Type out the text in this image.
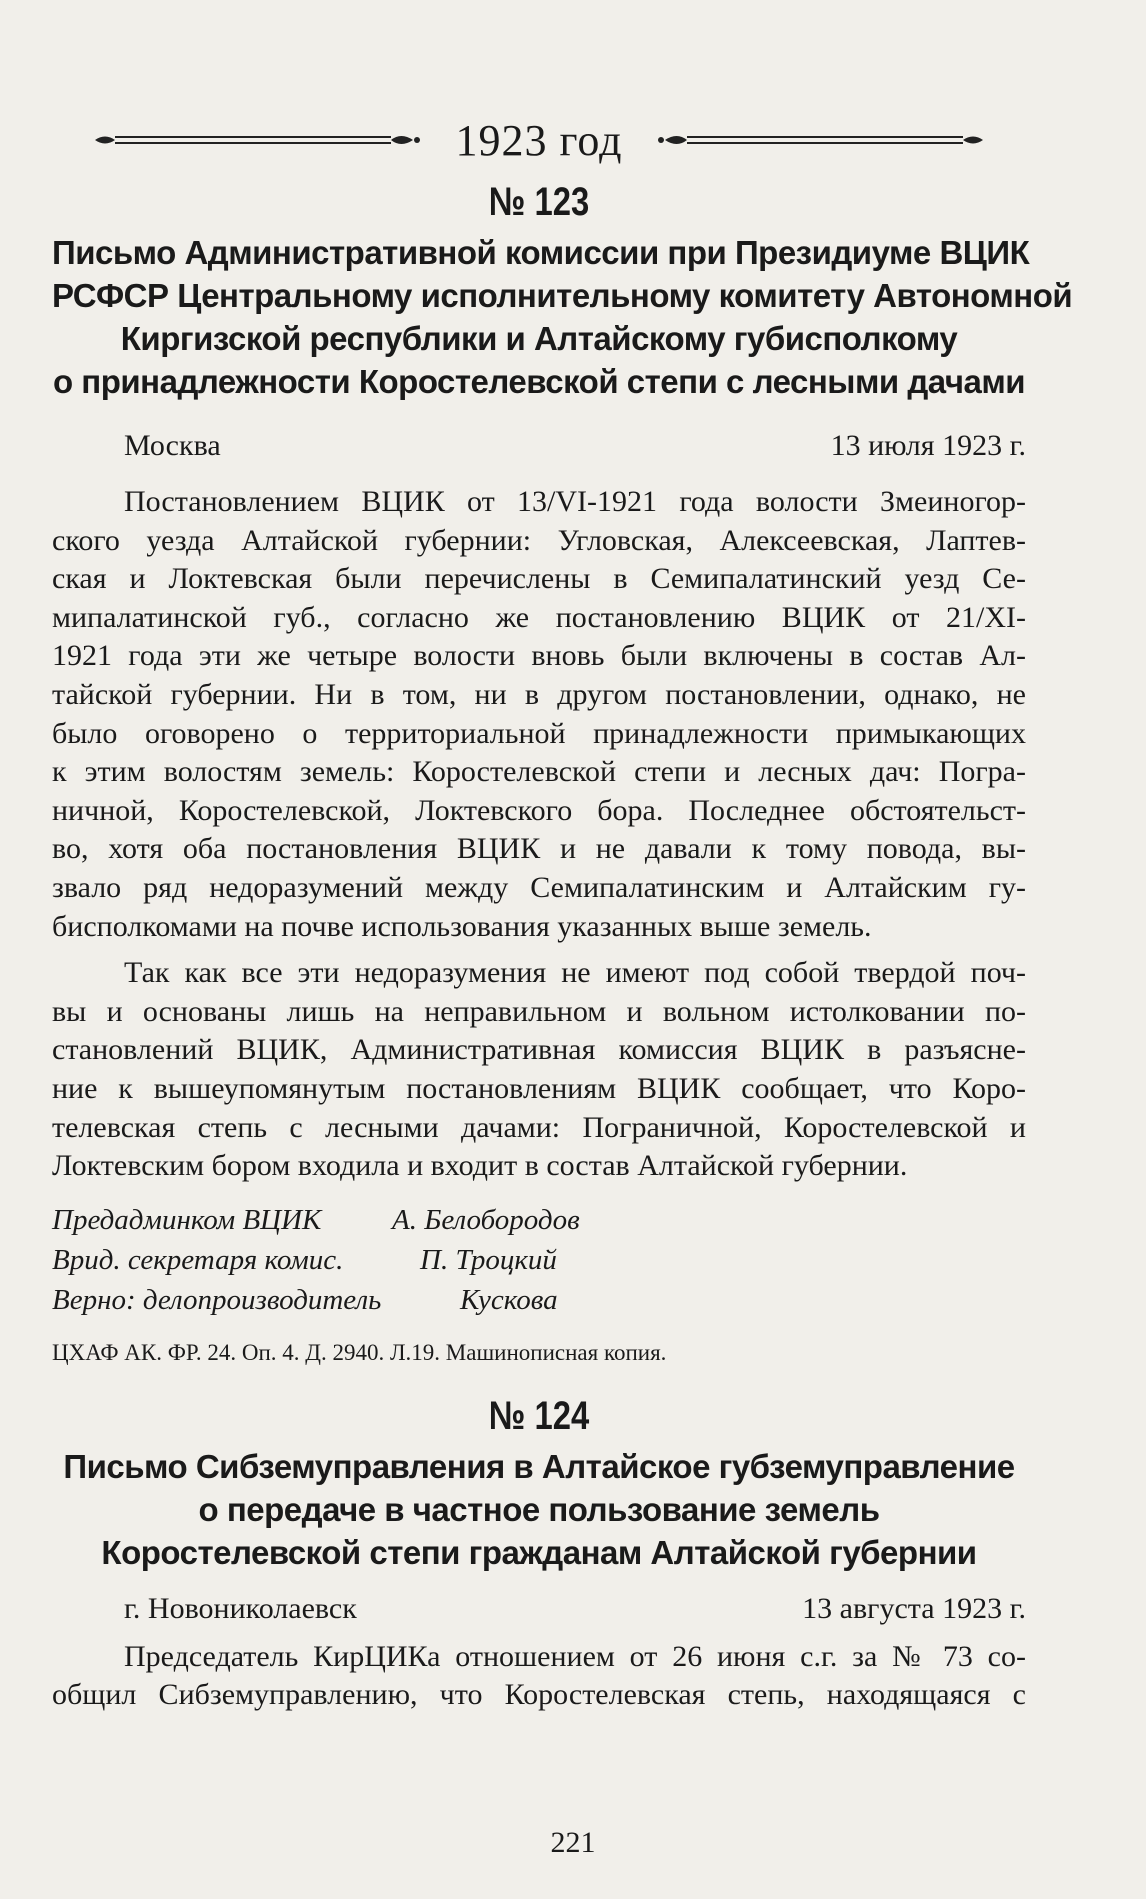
1923 год
№ 123
Письмо Административной комиссии при Президиуме ВЦИК
РСФСР Центральному исполнительному комитету Автономной
Киргизской республики и Алтайскому губисполкому
о принадлежности Коростелевской степи с лесными дачами
Москва	13 июля 1923 г.

Постановлением ВЦИК от 13/VI-1921 года волости Змеиногор-
ского уезда Алтайской губернии: Угловская, Алексеевская, Лаптев-
ская и Локтевская были перечислены в Семипалатинский уезд Се-
мипалатинской губ., согласно же постановлению ВЦИК от 21/XI-
1921 года эти же четыре волости вновь были включены в состав Ал-
тайской губернии. Ни в том, ни в другом постановлении, однако, не
было оговорено о территориальной принадлежности примыкающих
к этим волостям земель: Коростелевской степи и лесных дач: Погра-
ничной, Коростелевской, Локтевского бора. Последнее обстоятельст-
во, хотя оба постановления ВЦИК и не давали к тому повода, вы-
звало ряд недоразумений между Семипалатинским и Алтайским гу-
бисполкомами на почве использования указанных выше земель.

Так как все эти недоразумения не имеют под собой твердой поч-
вы и основаны лишь на неправильном и вольном истолковании по-
становлений ВЦИК, Административная комиссия ВЦИК в разъясне-
ние к вышеупомянутым постановлениям ВЦИК сообщает, что Коро-
телевская степь с лесными дачами: Пограничной, Коростелевской и
Локтевским бором входила и входит в состав Алтайской губернии.

Предадминком ВЦИК	А. Белобородов
Врид. секретаря комис.	П. Троцкий
Верно: делопроизводитель	Кускова
ЦХАФ АК. ФР. 24. Оп. 4. Д. 2940. Л.19. Машинописная копия.
№ 124
Письмо Сибземуправления в Алтайское губземуправление
о передаче в частное пользование земель
Коростелевской степи гражданам Алтайской губернии
г. Новониколаевск	13 августа 1923 г.

Председатель КирЦИКа отношением от 26 июня с.г. за № 73 со-
общил Сибземуправлению, что Коростелевская степь, находящаяся с

221
